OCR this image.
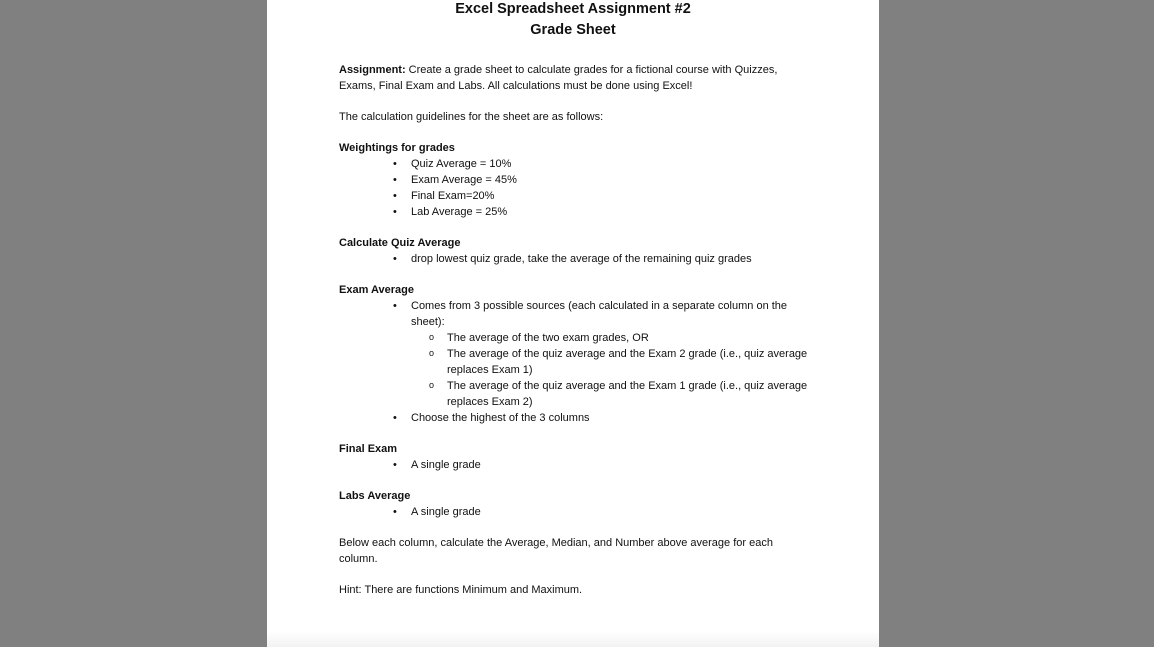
Excel Spreadsheet Assignment #2
Grade Sheet

Assignment: Create a grade sheet to calculate grades for a fictional course with Quizzes, Exams, Final Exam and Labs. All calculations must be done using Excel!

The calculation guidelines for the sheet are as follows:

Weightings for grades

• Quiz Average = 10%
• Exam Average = 45%
• Final Exam=20%
• Lab Average = 25%

Calculate Quiz Average

• drop lowest quiz grade, take the average of the remaining quiz grades

Exam Average

• Comes from 3 possible sources (each calculated in a separate column on the sheet):
o The average of the two exam grades, OR
o The average of the quiz average and the Exam 2 grade (i.e., quiz average replaces Exam 1)
o The average of the quiz average and the Exam 1 grade (i.e., quiz average replaces Exam 2)
• Choose the highest of the 3 columns

Final Exam

• A single grade

Labs Average

• A single grade

Below each column, calculate the Average, Median, and Number above average for each column.

Hint: There are functions Minimum and Maximum.
